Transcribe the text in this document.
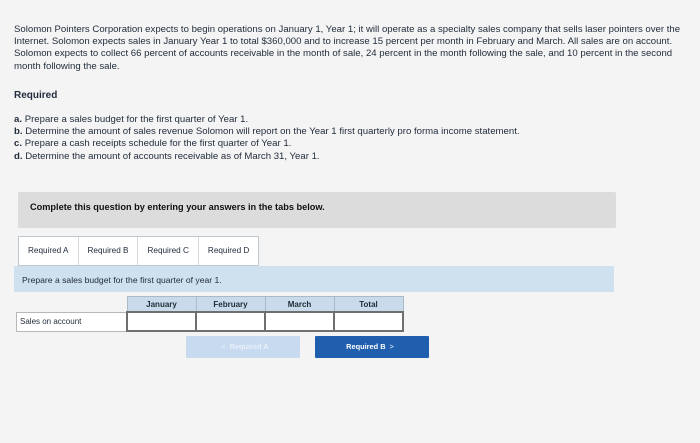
Solomon Pointers Corporation expects to begin operations on January 1, Year 1; it will operate as a specialty sales company that sells laser pointers over the Internet. Solomon expects sales in January Year 1 to total $360,000 and to increase 15 percent per month in February and March. All sales are on account. Solomon expects to collect 66 percent of accounts receivable in the month of sale, 24 percent in the month following the sale, and 10 percent in the second month following the sale.
Required
a. Prepare a sales budget for the first quarter of Year 1.
b. Determine the amount of sales revenue Solomon will report on the Year 1 first quarterly pro forma income statement.
c. Prepare a cash receipts schedule for the first quarter of Year 1.
d. Determine the amount of accounts receivable as of March 31, Year 1.
Complete this question by entering your answers in the tabs below.
Required A	Required B	Required C	Required D
Prepare a sales budget for the first quarter of year 1.
	January	February	March	Total
Sales on account				
< Required A	Required B >
